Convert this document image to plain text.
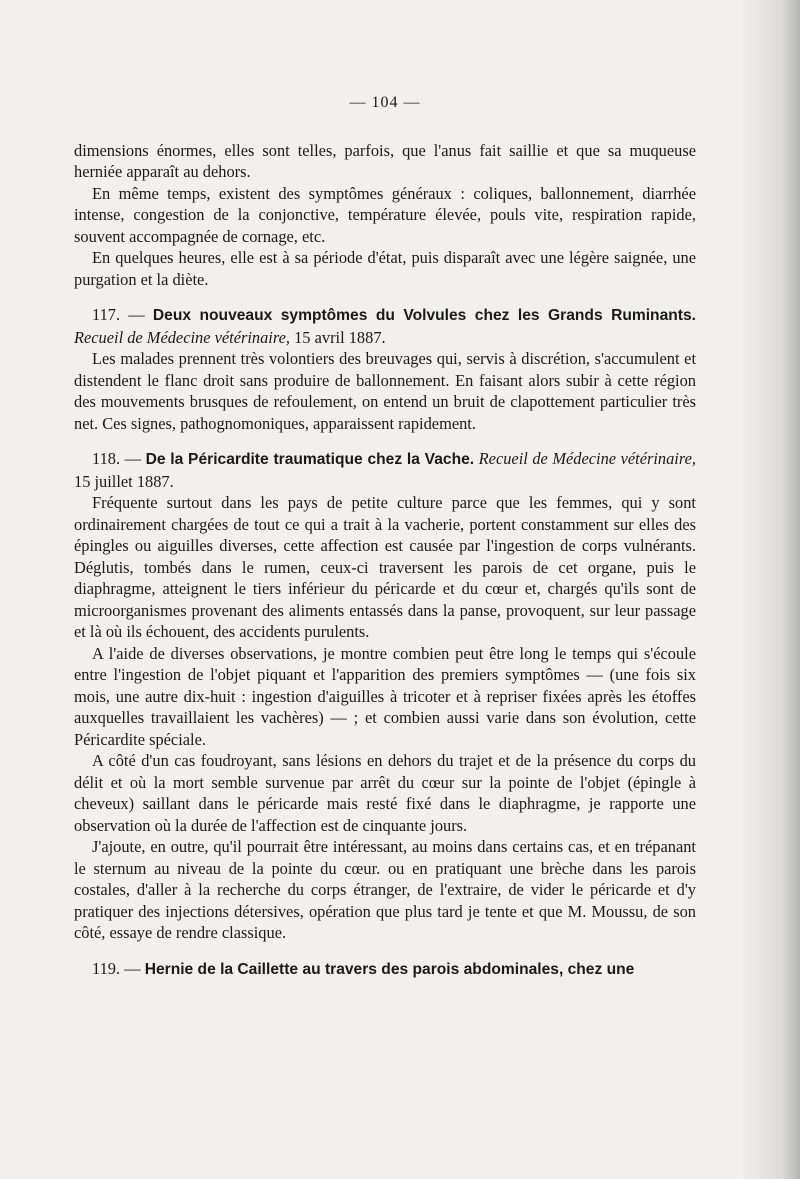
— 104 —

dimensions énormes, elles sont telles, parfois, que l'anus fait saillie et que sa muqueuse herniée apparaît au dehors.

En même temps, existent des symptômes généraux : coliques, ballonnement, diarrhée intense, congestion de la conjonctive, température élevée, pouls vite, respiration rapide, souvent accompagnée de cornage, etc.

En quelques heures, elle est à sa période d'état, puis disparaît avec une légère saignée, une purgation et la diète.

117. — Deux nouveaux symptômes du Volvules chez les Grands Ruminants. Recueil de Médecine vétérinaire, 15 avril 1887.

Les malades prennent très volontiers des breuvages qui, servis à discrétion, s'accumulent et distendent le flanc droit sans produire de ballonnement. En faisant alors subir à cette région des mouvements brusques de refoulement, on entend un bruit de clapottement particulier très net. Ces signes, pathognomoniques, apparaissent rapidement.

118. — De la Péricardite traumatique chez la Vache. Recueil de Médecine vétérinaire, 15 juillet 1887.

Fréquente surtout dans les pays de petite culture parce que les femmes, qui y sont ordinairement chargées de tout ce qui a trait à la vacherie, portent constamment sur elles des épingles ou aiguilles diverses, cette affection est causée par l'ingestion de corps vulnérants. Déglutis, tombés dans le rumen, ceux-ci traversent les parois de cet organe, puis le diaphragme, atteignent le tiers inférieur du péricarde et du cœur et, chargés qu'ils sont de microorganismes provenant des aliments entassés dans la panse, provoquent, sur leur passage et là où ils échouent, des accidents purulents.

A l'aide de diverses observations, je montre combien peut être long le temps qui s'écoule entre l'ingestion de l'objet piquant et l'apparition des premiers symptômes — (une fois six mois, une autre dix-huit : ingestion d'aiguilles à tricoter et à repriser fixées après les étoffes auxquelles travaillaient les vachères) — ; et combien aussi varie dans son évolution, cette Péricardite spéciale.

A côté d'un cas foudroyant, sans lésions en dehors du trajet et de la présence du corps du délit et où la mort semble survenue par arrêt du cœur sur la pointe de l'objet (épingle à cheveux) saillant dans le péricarde mais resté fixé dans le diaphragme, je rapporte une observation où la durée de l'affection est de cinquante jours.

J'ajoute, en outre, qu'il pourrait être intéressant, au moins dans certains cas, et en trépanant le sternum au niveau de la pointe du cœur. ou en pratiquant une brèche dans les parois costales, d'aller à la recherche du corps étranger, de l'extraire, de vider le péricarde et d'y pratiquer des injections détersives, opération que plus tard je tente et que M. Moussu, de son côté, essaye de rendre classique.

119. — Hernie de la Caillette au travers des parois abdominales, chez une
